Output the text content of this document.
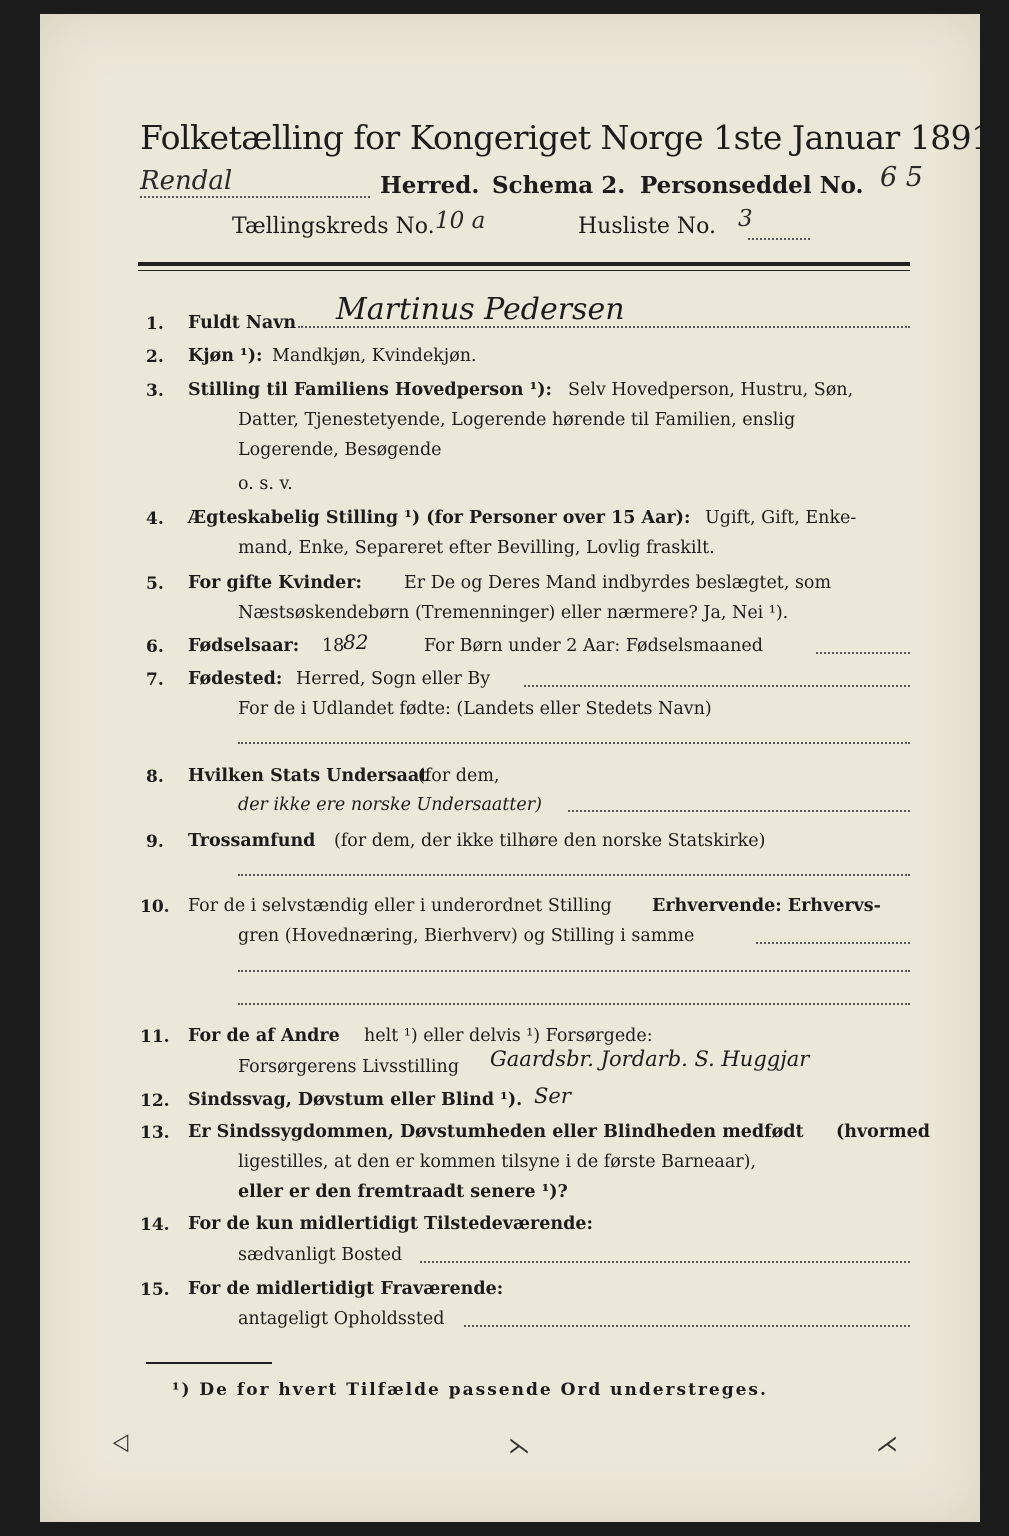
Folketælling for Kongeriget Norge 1ste Januar 1891.
Rendal	Herred. Schema 2. Personseddel No. 6 5
Tællingskreds No. 10 a	Husliste No. 3
1. Fuldt Navn Martinus Pedersen
2. Kjøn ¹): Mandkjøn, Kvindekjøn.
3. Stilling til Familiens Hovedperson ¹): Selv Hovedperson, Hustru, Søn,
Datter, Tjenestetyende, Logerende hørende til Familien, enslig
Logerende, Besøgende
o. s. v.
4. Ægteskabelig Stilling ¹) (for Personer over 15 Aar): Ugift, Gift, Enke-
mand, Enke, Separeret efter Bevilling, Lovlig fraskilt.
5. For gifte Kvinder: Er De og Deres Mand indbyrdes beslægtet, som
Næstsøskendebørn (Tremenninger) eller nærmere? Ja, Nei ¹).
6. Fødselsaar: 18
82	For Børn under 2 Aar: Fødselsmaaned
7. Fødested: Herred, Sogn eller By
For de i Udlandet fødte: (Landets eller Stedets Navn)
8. Hvilken Stats Undersaat
(for dem,
der ikke ere norske Undersaatter)
9. Trossamfund (for dem, der ikke tilhøre den norske Statskirke)
10. For de i selvstændig eller i underordnet Stilling Erhvervende: Erhvervs-
gren (Hovednæring, Bierhverv) og Stilling i samme
11. For de af Andre helt ¹) eller delvis ¹) Forsørgede:
Forsørgerens Livsstilling Gaardsbr. Jordarb. S. Huggjar
12. Sindssvag, Døvstum eller Blind ¹). Ser
13. Er Sindssygdommen, Døvstumheden eller Blindheden medfødt (hvormed
ligestilles, at den er kommen tilsyne i de første Barneaar),
eller er den fremtraadt senere ¹)?
14. For de kun midlertidigt Tilstedeværende:
sædvanligt Bosted
15. For de midlertidigt Fraværende:
antageligt Opholdssted
¹) De for hvert Tilfælde passende Ord understreges.
⨞	⋋	⋌
